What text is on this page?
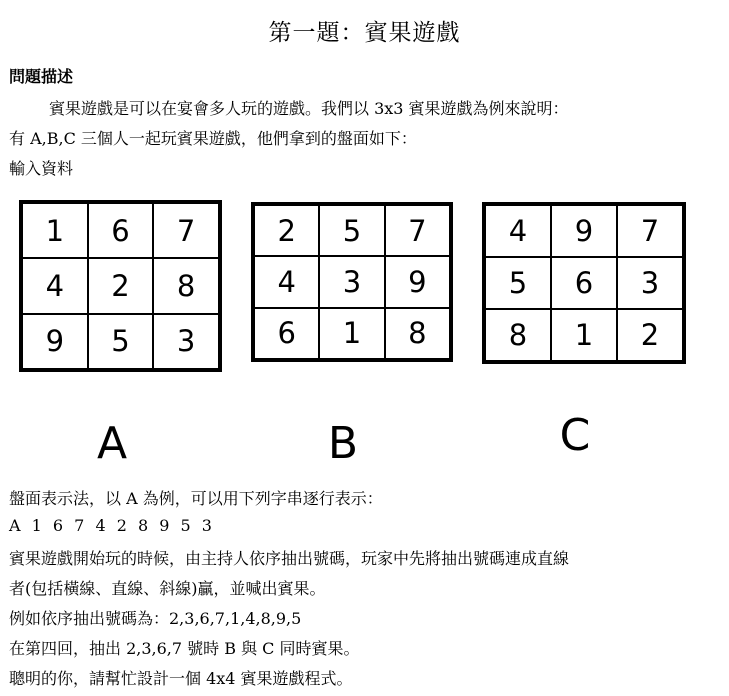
第一題：賓果遊戲
問題描述
賓果遊戲是可以在宴會多人玩的遊戲。我們以 3x3 賓果遊戲為例來說明：
有 A,B,C 三個人一起玩賓果遊戲，他們拿到的盤面如下：
輸入資料
1	6	7
4	2	8
9	5	3
2	5	7
4	3	9
6	1	8
4	9	7
5	6	3
8	1	2
A	B	C
盤面表示法，以 A 為例，可以用下列字串逐行表示：
A 1 6 7 4 2 8 9 5 3
賓果遊戲開始玩的時候，由主持人依序抽出號碼，玩家中先將抽出號碼連成直線
者(包括橫線、直線、斜線)贏，並喊出賓果。
例如依序抽出號碼為：2,3,6,7,1,4,8,9,5
在第四回，抽出 2,3,6,7 號時 B 與 C 同時賓果。
聰明的你，請幫忙設計一個 4x4 賓果遊戲程式。
